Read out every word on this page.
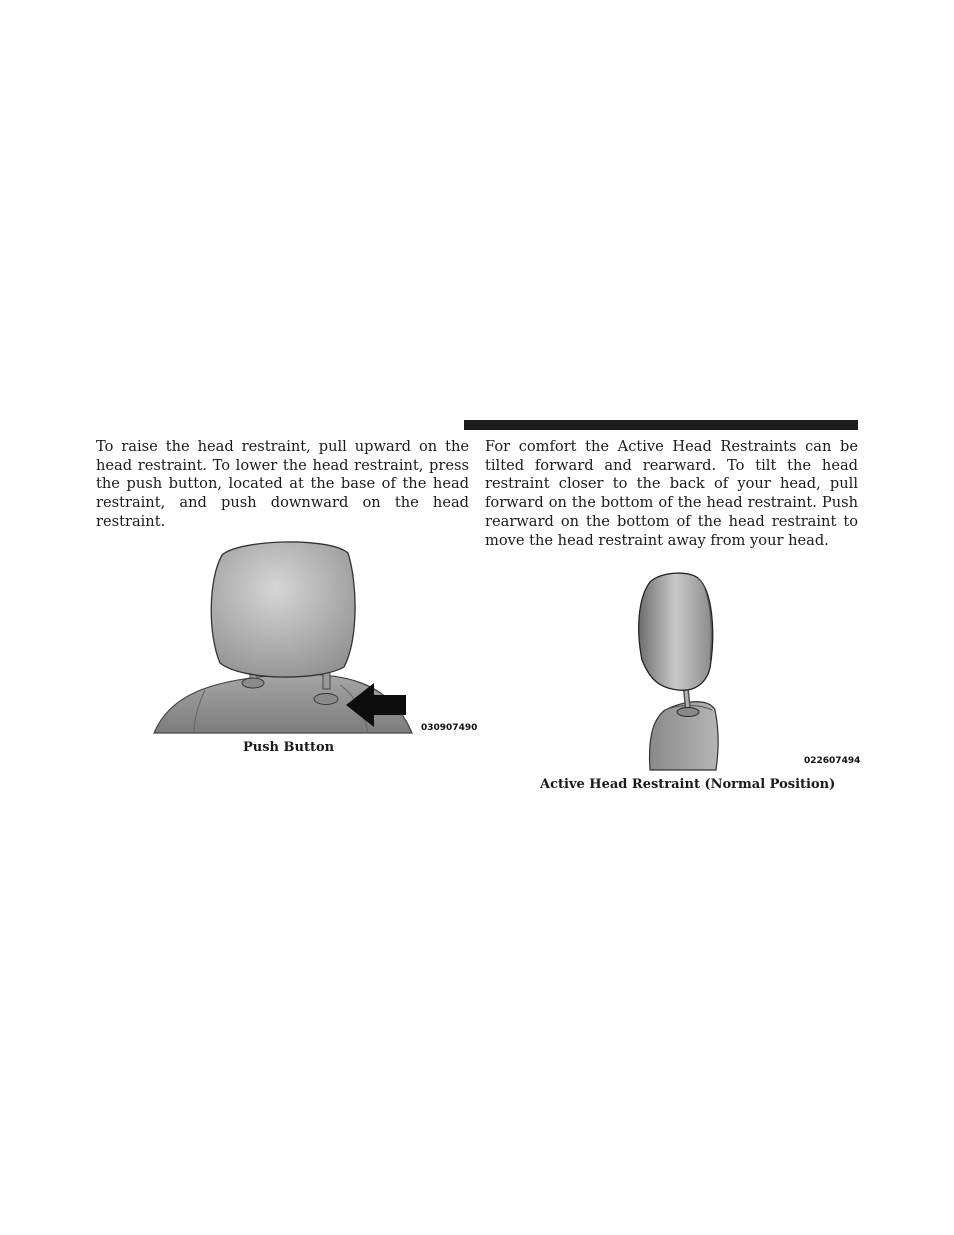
To raise the head restraint, pull upward on the head restraint. To lower the head restraint, press the push button, located at the base of the head restraint, and push downward on the head restraint.

For comfort the Active Head Restraints can be tilted forward and rearward. To tilt the head restraint closer to the back of your head, pull forward on the bottom of the head restraint. Push rearward on the bottom of the head restraint to move the head restraint away from your head.

030907490
Push Button
022607494
Active Head Restraint (Normal Position)
